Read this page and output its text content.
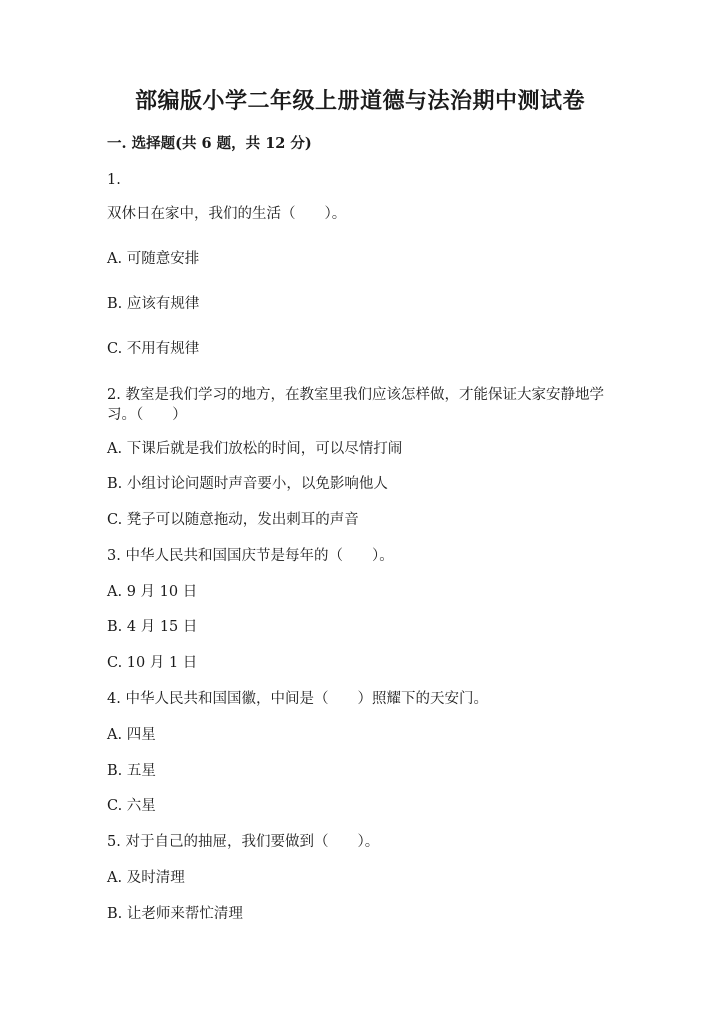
部编版小学二年级上册道德与法治期中测试卷
一. 选择题(共 6 题，共 12 分)
1.
双休日在家中，我们的生活（　　）。
A. 可随意安排
B. 应该有规律
C. 不用有规律
2. 教室是我们学习的地方，在教室里我们应该怎样做，才能保证大家安静地学习。（　　）
A. 下课后就是我们放松的时间，可以尽情打闹
B. 小组讨论问题时声音要小，以免影响他人
C. 凳子可以随意拖动，发出刺耳的声音
3. 中华人民共和国国庆节是每年的（　　）。
A. 9 月 10 日
B. 4 月 15 日
C. 10 月 1 日
4. 中华人民共和国国徽，中间是（　　）照耀下的天安门。
A. 四星
B. 五星
C. 六星
5. 对于自己的抽屉，我们要做到（　　）。
A. 及时清理
B. 让老师来帮忙清理
